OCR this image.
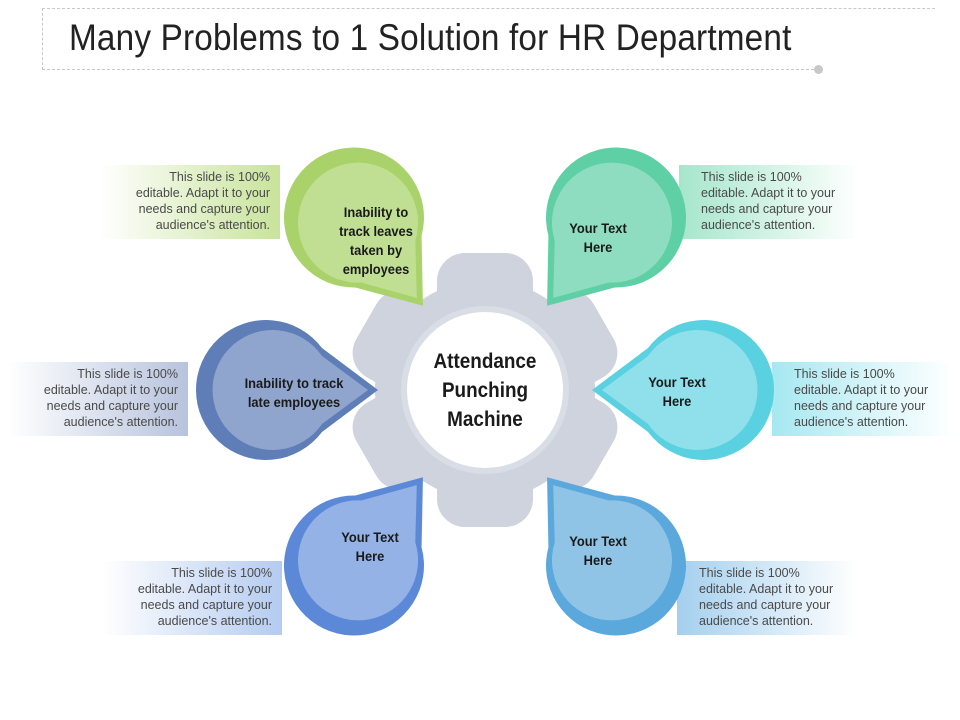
Many Problems to 1 Solution for HR Department
Attendance
Punching
Machine
Inability to
track leaves
taken by
employees
Your Text
Here
Your Text
Here
Your Text
Here
Your Text
Here
Inability to track
late employees
This slide is 100%
editable. Adapt it to your
needs and capture your
audience's attention.
This slide is 100%
editable. Adapt it to your
needs and capture your
audience's attention.
This slide is 100%
editable. Adapt it to your
needs and capture your
audience's attention.
This slide is 100%
editable. Adapt it to your
needs and capture your
audience's attention.
This slide is 100%
editable. Adapt it to your
needs and capture your
audience's attention.
This slide is 100%
editable. Adapt it to your
needs and capture your
audience's attention.
